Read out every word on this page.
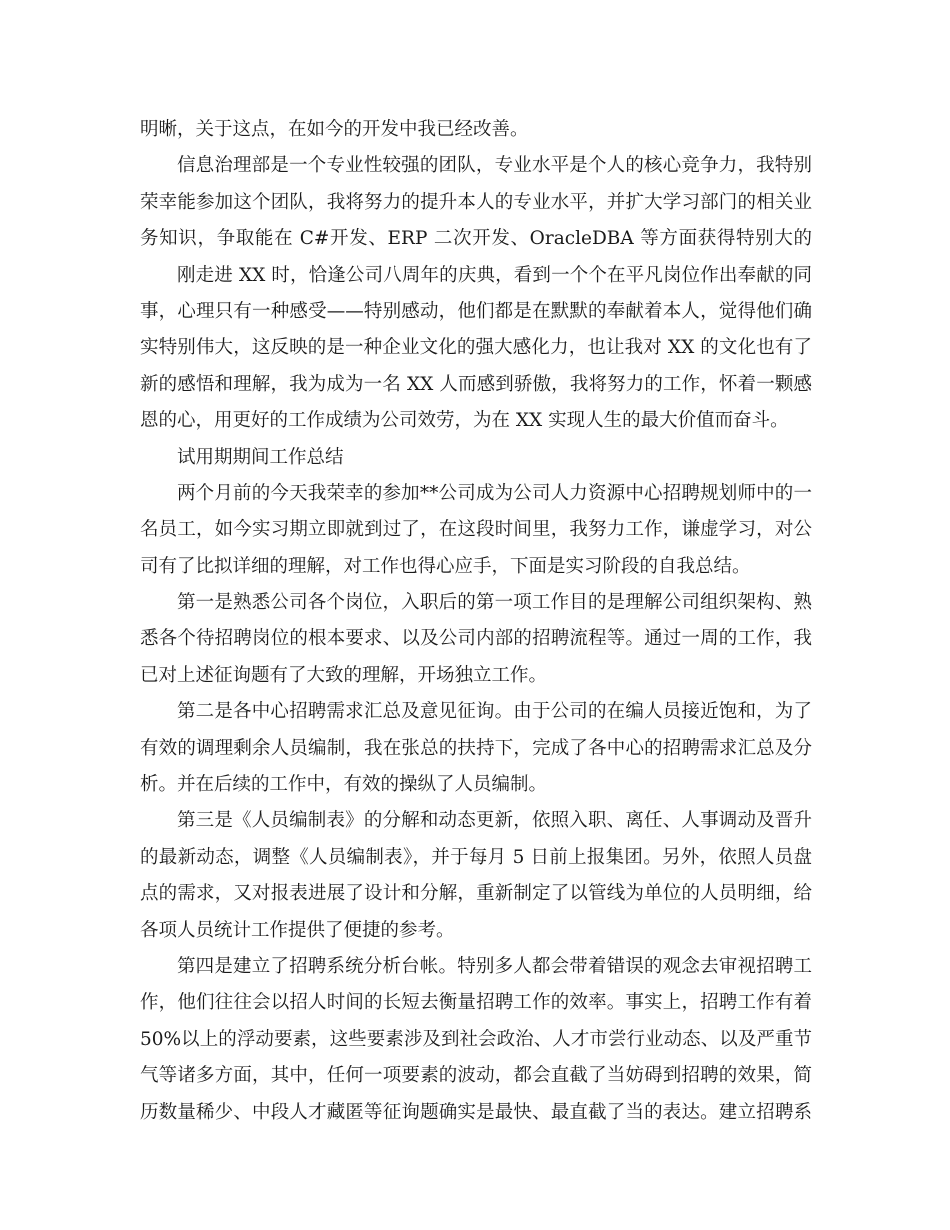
明晰，关于这点，在如今的开发中我已经改善。
信息治理部是一个专业性较强的团队，专业水平是个人的核心竞争力，我特别
荣幸能参加这个团队，我将努力的提升本人的专业水平，并扩大学习部门的相关业
务知识，争取能在 C#开发、ERP 二次开发、OracleDBA 等方面获得特别大的
刚走进 XX 时，恰逢公司八周年的庆典，看到一个个在平凡岗位作出奉献的同
事，心理只有一种感受——特别感动，他们都是在默默的奉献着本人，觉得他们确
实特别伟大，这反映的是一种企业文化的强大感化力，也让我对 XX 的文化也有了
新的感悟和理解，我为成为一名 XX 人而感到骄傲，我将努力的工作，怀着一颗感
恩的心，用更好的工作成绩为公司效劳，为在 XX 实现人生的最大价值而奋斗。
试用期期间工作总结
两个月前的今天我荣幸的参加**公司成为公司人力资源中心招聘规划师中的一
名员工，如今实习期立即就到过了，在这段时间里，我努力工作，谦虚学习，对公
司有了比拟详细的理解，对工作也得心应手，下面是实习阶段的自我总结。
第一是熟悉公司各个岗位，入职后的第一项工作目的是理解公司组织架构、熟
悉各个待招聘岗位的根本要求、以及公司内部的招聘流程等。通过一周的工作，我
已对上述征询题有了大致的理解，开场独立工作。
第二是各中心招聘需求汇总及意见征询。由于公司的在编人员接近饱和，为了
有效的调理剩余人员编制，我在张总的扶持下，完成了各中心的招聘需求汇总及分
析。并在后续的工作中，有效的操纵了人员编制。
第三是《人员编制表》的分解和动态更新，依照入职、离任、人事调动及晋升
的最新动态，调整《人员编制表》，并于每月 5 日前上报集团。另外，依照人员盘
点的需求，又对报表进展了设计和分解，重新制定了以管线为单位的人员明细，给
各项人员统计工作提供了便捷的参考。
第四是建立了招聘系统分析台帐。特别多人都会带着错误的观念去审视招聘工
作，他们往往会以招人时间的长短去衡量招聘工作的效率。事实上，招聘工作有着
50%以上的浮动要素，这些要素涉及到社会政治、人才市尝行业动态、以及严重节
气等诸多方面，其中，任何一项要素的波动，都会直截了当妨碍到招聘的效果，简
历数量稀少、中段人才藏匿等征询题确实是最快、最直截了当的表达。建立招聘系
